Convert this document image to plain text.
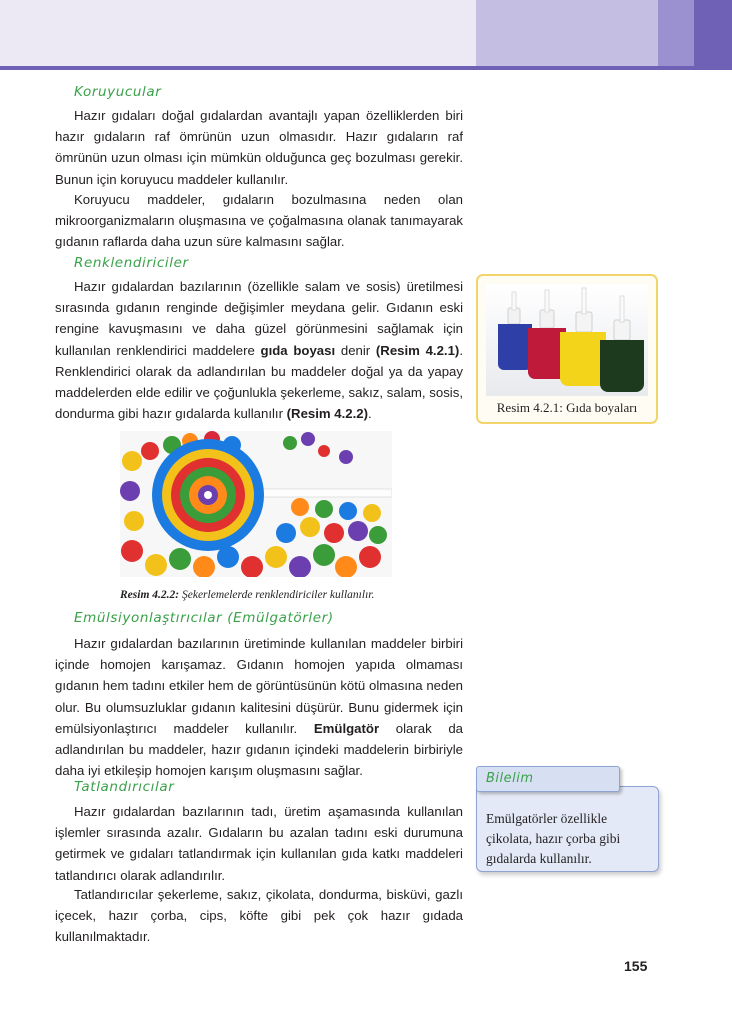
Koruyucular

Hazır gıdaları doğal gıdalardan avantajlı yapan özelliklerden biri hazır gıdaların raf ömrünün uzun olmasıdır. Hazır gıdaların raf ömrünün uzun olması için mümkün olduğunca geç bozulması gerekir. Bunun için koruyucu maddeler kullanılır.

Koruyucu maddeler, gıdaların bozulmasına neden olan mikroorganizmaların oluşmasına ve çoğalmasına olanak tanımayarak gıdanın raflarda daha uzun süre kalmasını sağlar.

Renklendiriciler

Hazır gıdalardan bazılarının (özellikle salam ve sosis) üretilmesi sırasında gıdanın renginde değişimler meydana gelir. Gıdanın eski rengine kavuşmasını ve daha güzel görünmesini sağlamak için kullanılan renklendirici maddelere gıda boyası denir (Resim 4.2.1). Renklendirici olarak da adlandırılan bu maddeler doğal ya da yapay maddelerden elde edilir ve çoğunlukla şekerleme, sakız, salam, sosis, dondurma gibi hazır gıdalarda kullanılır (Resim 4.2.2).	Resim 4.2.1: Gıda boyaları

Resim 4.2.2: Şekerlemelerde renklendiriciler kullanılır.

Emülsiyonlaştırıcılar (Emülgatörler)

Hazır gıdalardan bazılarının üretiminde kullanılan maddeler birbiri içinde homojen karışamaz. Gıdanın homojen yapıda olmaması gıdanın hem tadını etkiler hem de görüntüsünün kötü olmasına neden olur. Bu olumsuzluklar gıdanın kalitesini düşürür. Bunu gidermek için emülsiyonlaştırıcı maddeler kullanılır. Emülgatör olarak da adlandırılan bu maddeler, hazır gıdanın içindeki maddelerin birbiriyle daha iyi etkileşip homojen karışım oluşmasını sağlar.

Tatlandırıcılar

Hazır gıdalardan bazılarının tadı, üretim aşamasında kullanılan işlemler sırasında azalır. Gıdaların bu azalan tadını eski durumuna getirmek ve gıdaları tatlandırmak için kullanılan gıda katkı maddeleri tatlandırıcı olarak adlandırılır.

Tatlandırıcılar şekerleme, sakız, çikolata, dondurma, bisküvi, gazlı içecek, hazır çorba, cips, köfte gibi pek çok hazır gıdada kullanılmaktadır.

Emülgatörler özellikle çikolata, hazır çorba gibi gıdalarda kullanılır.

Bilelim
155
